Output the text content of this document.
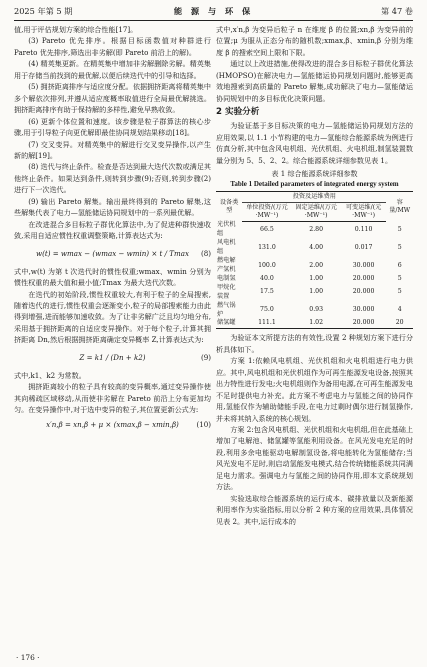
2025 年第 5 期	能 源 与 环 保	第 47 卷

值,用于评估规划方案的综合性能[17]。

(3) Pareto 优先排序。根据目标函数值对种群进行 Pareto 优先排序,筛选出非劣解(即 Pareto 前沿上的解)。

(4) 精英集更新。在精英集中增加非劣解删除劣解。精英集用于存储当前找到的最优解,以便后续迭代中的引导和选择。

(5) 拥挤距离排序与适应度分配。依据拥挤距离将精英集中多个解依次排列,并遵从适应度概率取值进行全局最优解挑选。拥挤距离排序有助于保持解的多样性,避免早熟收敛。

(6) 更新个体位置和速度。该步骤是粒子群算法的核心步骤,用于引导粒子向更优解即最佳协同规划结果移动[18]。

(7) 交叉变异。对精英集中的解进行交叉变异操作,以产生新的解[19]。

(8) 迭代与终止条件。检查是否达到最大迭代次数或满足其他终止条件。如果达到条件,则转到步骤(9);否则,转到步骤(2)进行下一次迭代。

(9) 输出 Pareto 解集。输出最终得到的 Pareto 解集,这些解集代表了电力—氢能储运协同规划中的一系列最优解。

在改进混合多目标粒子群优化算法中,为了促进种群快速收敛,采用自适应惯性权重调整策略,计算表达式为:

w(t) = wmax − (wmax − wmin) × t / Tmax (8)

式中,w(t) 为第 t 次迭代时的惯性权重;wmax、wmin 分别为惯性权重的最大值和最小值;Tmax 为最大迭代次数。

在迭代的初始阶段,惯性权重较大,有利于粒子的全局搜索,随着迭代的进行,惯性权重会逐渐变小,粒子的局部搜索能力由此得到增强,进而能够加速收敛。为了让非劣解广泛且均匀地分布,采用基于拥挤距离的自适应变异操作。对于每个粒子,计算其拥挤距离 Dn,然后根据拥挤距离确定变异概率 Z,计算表达式为:

Z = k1 / (Dn + k2)	(9)

式中,k1、k2 为常数。

拥挤距离较小的粒子具有较高的变异概率,通过变异操作使其向稀疏区域移动,从而使非劣解在 Pareto 前沿上分布更加均匀。在变异操作中,对于选中变异的粒子,其位置更新公式为:

x′n,β = xn,β + μ × (xmax,β − xmin,β) (10)

式中,x′n,β 为变异后粒子 n 在维度 β 的位置;xn,β 为变异前的位置;μ 为服从正态分布的随机数;xmax,β、xmin,β 分别为维度 β 的搜索空间上限和下限。

通过以上改进措施,使得改进的混合多目标粒子群优化算法(HMOPSO)在解决电力—氢能储运协同规划问题时,能够更高效地搜索到高质量的 Pareto 解集,成功解决了电力—氢能储运协同规划中的多目标优化决策问题。

2 实验分析

为验证基于多目标决策的电力—氢能储运协同规划方法的应用效果,以 1.1 小节构建的电力—氢能综合能源系统为例进行仿真分析,其中包含风电机组、光伏机组、火电机组,制氢装置数量分别为 5、5、2、2。综合能源系统详细参数见表 1。

表 1 综合能源系统详细参数
Table 1 Detailed parameters of integrated energy system
设备类型	投资及运维费用			容量/MW
	单位投资/(万元·MW⁻¹)	固定运维/(万元·MW⁻¹)	可变运维/(元·MW⁻¹)	
光伏机组	66.5	2.80	0.110	5
风电机组	131.0	4.00	0.017	5
燃电解产氢机	100.0	2.00	30.000	6
电制氢	40.0	1.00	20.000	5
甲烷化装置	17.5	1.00	20.000	5
燃气锅炉	75.0	0.93	30.000	4
储氢罐	111.1	1.02	20.000	20

为验证本文所提方法的有效性,设置 2 种规划方案下进行分析具体如下。

方案 1:依赖风电机组、光伏机组和火电机组进行电力供应。其中,风电机组和光伏机组作为可再生能源发电设备,按照其出力特性进行发电;火电机组则作为备用电源,在可再生能源发电不足时提供电力补充。此方案不考虑电力与氢能之间的协同作用,氢能仅作为辅助储能手段,在电力过剩时偶尔进行制氢操作,并未将其纳入系统的核心规划。

方案 2:包含风电机组、光伏机组和火电机组,但在此基础上增加了电解池、储氢罐等氢能利用设备。在风光发电充足的时段,利用多余电能驱动电解制氢设备,将电能转化为氢能储存;当风光发电不足时,则启动氢能发电模式,结合传统储能系统共同满足电力需求。强调电力与氢能之间的协同作用,即本文系统规划方法。

实验选取综合能源系统的运行成本、碳排放量以及新能源利用率作为实验指标,用以分析 2 种方案的应用效果,具体情况见表 2。其中,运行成本的

· 176 ·
